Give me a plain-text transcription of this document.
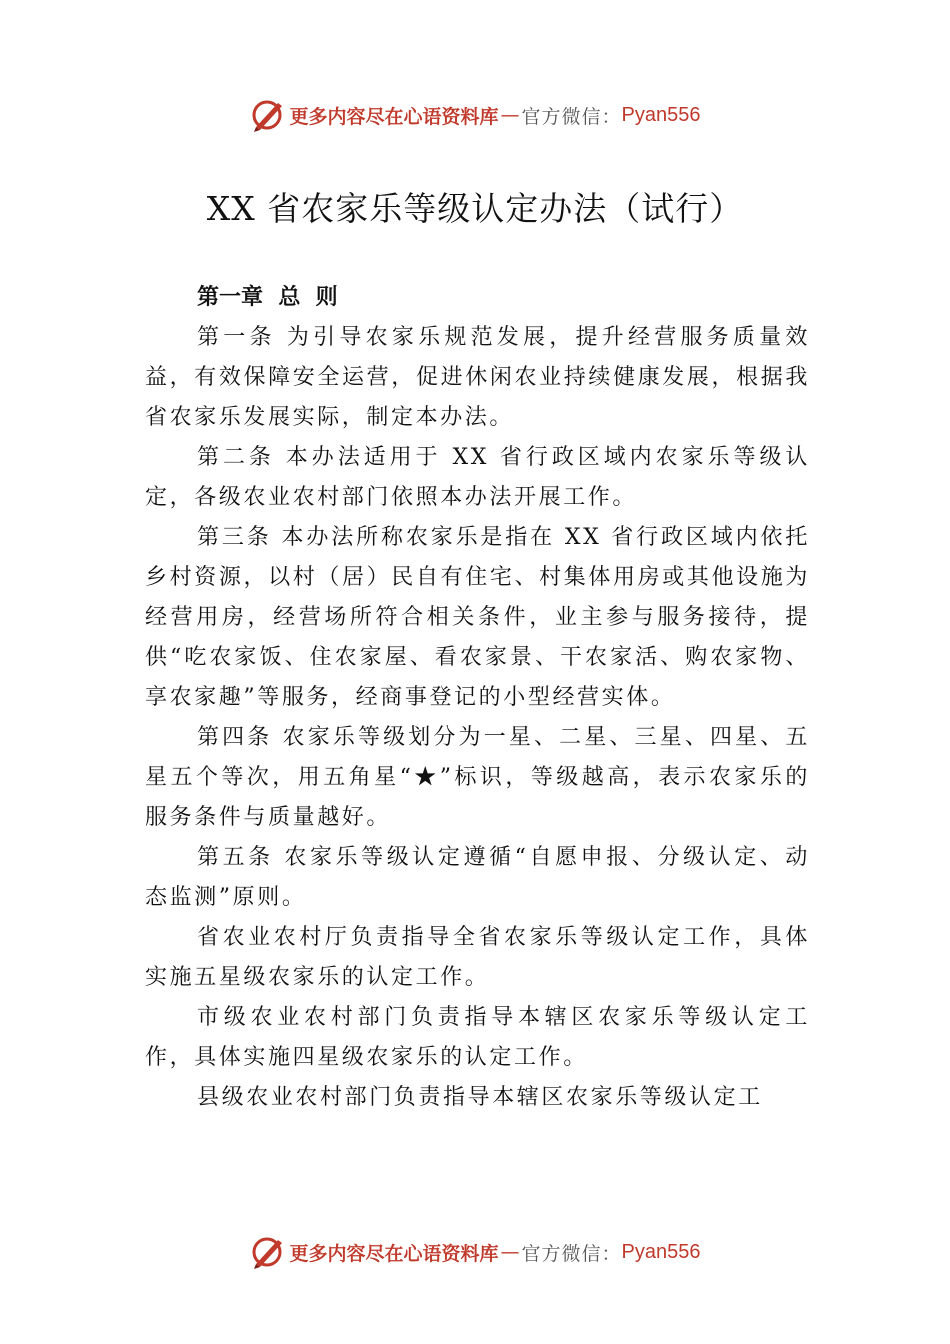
更多内容尽在心语资料库 — 官方微信： Pyan556
XX 省农家乐等级认定办法（试行）
第一章  总  则

第一条 为引导农家乐规范发展，提升经营服务质量效益，有效保障安全运营，促进休闲农业持续健康发展，根据我省农家乐发展实际，制定本办法。

第二条 本办法适用于 XX 省行政区域内农家乐等级认定，各级农业农村部门依照本办法开展工作。

第三条 本办法所称农家乐是指在 XX 省行政区域内依托乡村资源，以村（居）民自有住宅、村集体用房或其他设施为经营用房，经营场所符合相关条件，业主参与服务接待，提供“吃农家饭、住农家屋、看农家景、干农家活、购农家物、享农家趣”等服务，经商事登记的小型经营实体。

第四条 农家乐等级划分为一星、二星、三星、四星、五星五个等次，用五角星“★”标识，等级越高，表示农家乐的服务条件与质量越好。

第五条 农家乐等级认定遵循“自愿申报、分级认定、动态监测”原则。

省农业农村厅负责指导全省农家乐等级认定工作，具体实施五星级农家乐的认定工作。

市级农业农村部门负责指导本辖区农家乐等级认定工作，具体实施四星级农家乐的认定工作。

县级农业农村部门负责指导本辖区农家乐等级认定工

更多内容尽在心语资料库 — 官方微信： Pyan556
